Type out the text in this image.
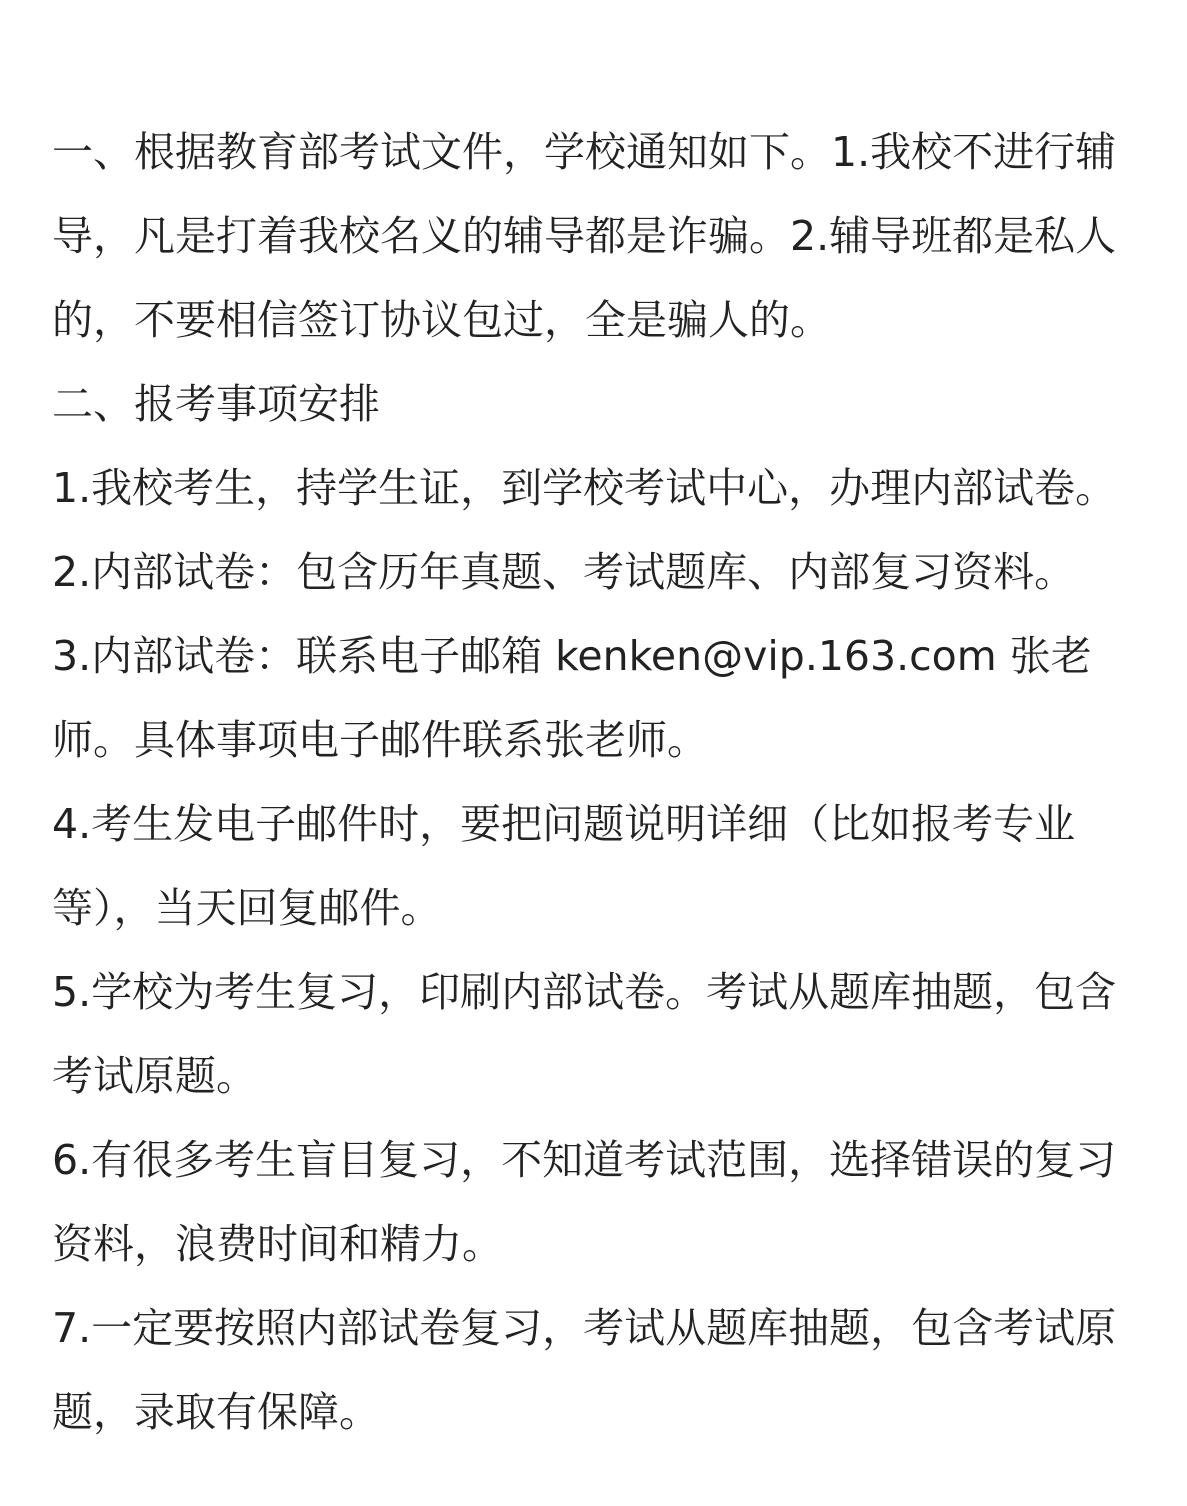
一、根据教育部考试文件，学校通知如下。1.我校不进行辅
导，凡是打着我校名义的辅导都是诈骗。2.辅导班都是私人
的，不要相信签订协议包过，全是骗人的。
二、报考事项安排
1.我校考生，持学生证，到学校考试中心，办理内部试卷。
2.内部试卷：包含历年真题、考试题库、内部复习资料。
3.内部试卷：联系电子邮箱 kenken@vip.163.com 张老
师。具体事项电子邮件联系张老师。
4.考生发电子邮件时，要把问题说明详细（比如报考专业
等），当天回复邮件。
5.学校为考生复习，印刷内部试卷。考试从题库抽题，包含
考试原题。
6.有很多考生盲目复习，不知道考试范围，选择错误的复习
资料，浪费时间和精力。
7.一定要按照内部试卷复习，考试从题库抽题，包含考试原
题，录取有保障。
